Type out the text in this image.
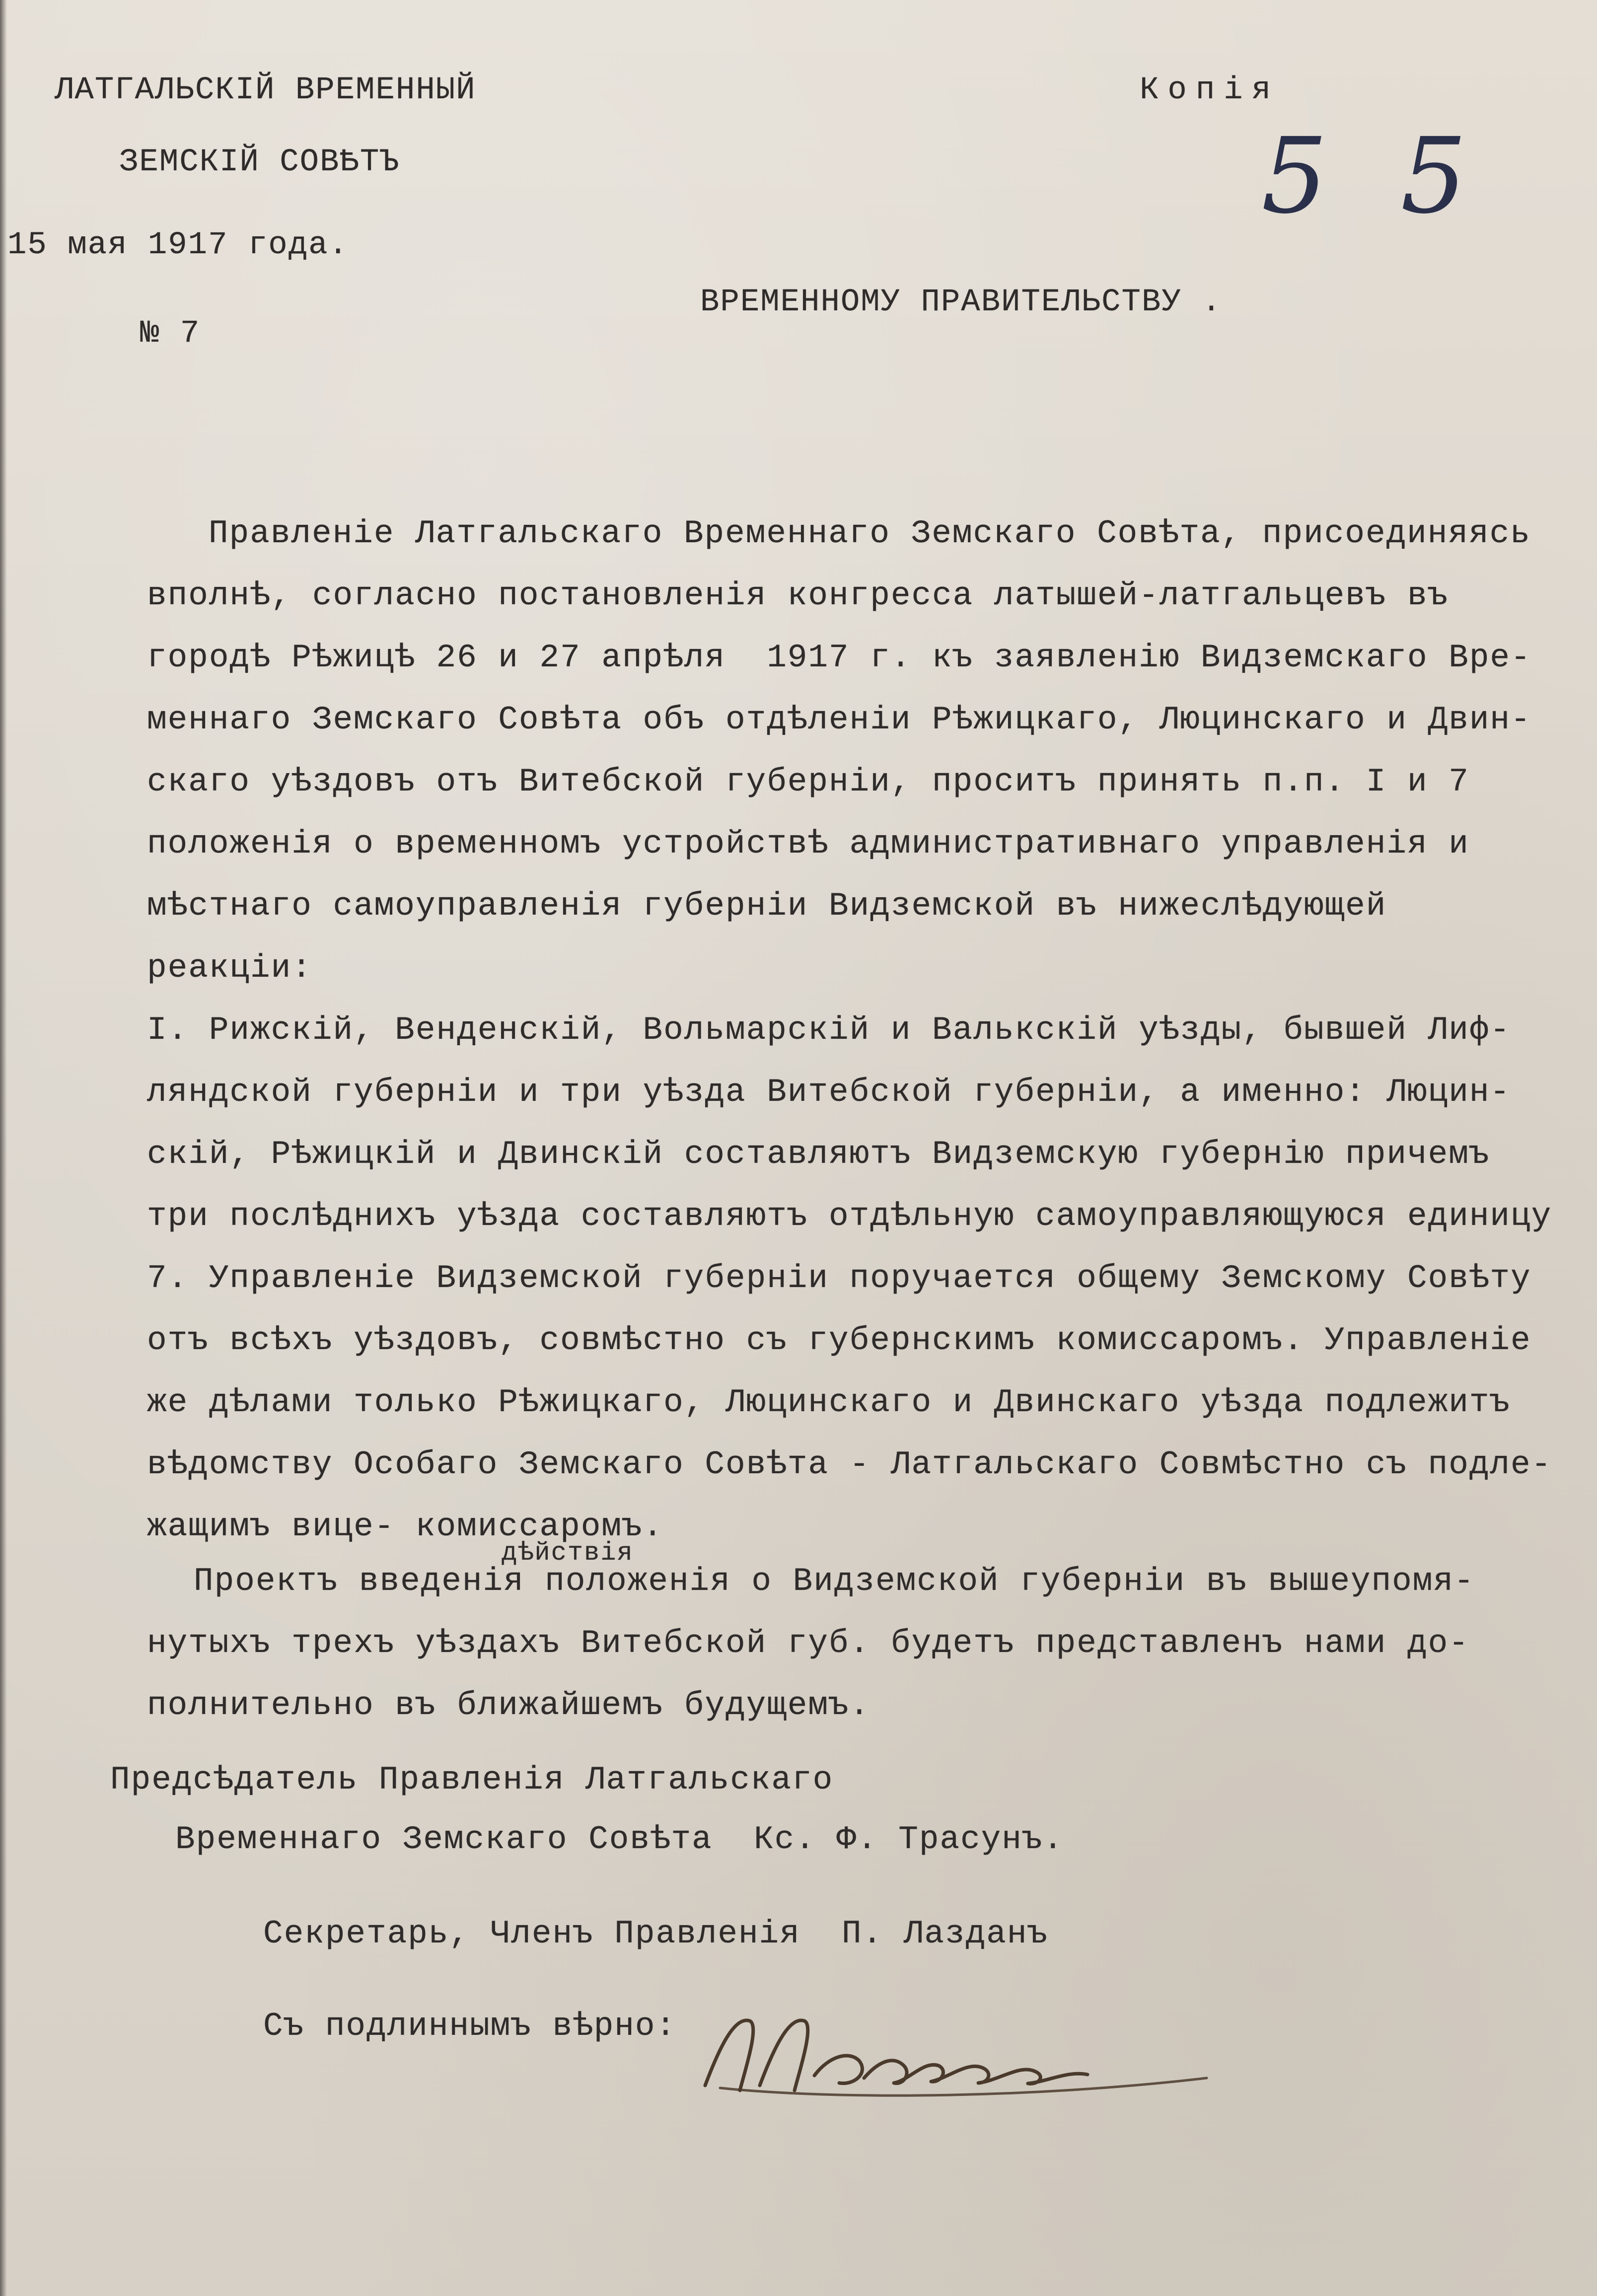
ЛАТГАЛЬСКІЙ ВРЕМЕННЫЙ
ЗЕМСКІЙ СОВѢТЪ
Копія
5 5
15 мая 1917 года.
ВРЕМЕННОМУ ПРАВИТЕЛЬСТВУ .
№ 7
Правленіе Латгальскаго Временнаго Земскаго Совѣта, присоединяясь
вполнѣ, согласно постановленія конгресса латышей-латгальцевъ въ
городѣ Рѣжицѣ 26 и 27 апрѣля  1917 г. къ заявленію Видземскаго Вре-
меннаго Земскаго Совѣта объ отдѣленіи Рѣжицкаго, Люцинскаго и Двин-
скаго уѣздовъ отъ Витебской губерніи, проситъ принять п.п. I и 7
положенія о временномъ устройствѣ административнаго управленія и
мѣстнаго самоуправленія губерніи Видземской въ нижеслѣдующей
реакціи:
I. Рижскій, Венденскій, Вольмарскій и Валькскій уѣзды, бывшей Лиф-
ляндской губерніи и три уѣзда Витебской губерніи, а именно: Люцин-
скій, Рѣжицкій и Двинскій составляютъ Видземскую губернію причемъ
три послѣднихъ уѣзда составляютъ отдѣльную самоуправляющуюся единицу
7. Управленіе Видземской губерніи поручается общему Земскому Совѣту
отъ всѣхъ уѣздовъ, совмѣстно съ губернскимъ комиссаромъ. Управленіе
же дѣлами только Рѣжицкаго, Люцинскаго и Двинскаго уѣзда подлежитъ
вѣдомству Особаго Земскаго Совѣта - Латгальскаго Совмѣстно съ подле-
жащимъ вице- комиссаромъ.
дѣйствія
Проектъ введенія положенія о Видземской губерніи въ вышеупомя-
нутыхъ трехъ уѣздахъ Витебской губ. будетъ представленъ нами до-
полнительно въ ближайшемъ будущемъ.
Предсѣдатель Правленія Латгальскаго
Временнаго Земскаго Совѣта  Кс. Ф. Трасунъ.
Секретарь, Членъ Правленія  П. Лазданъ
Съ подлиннымъ вѣрно:
